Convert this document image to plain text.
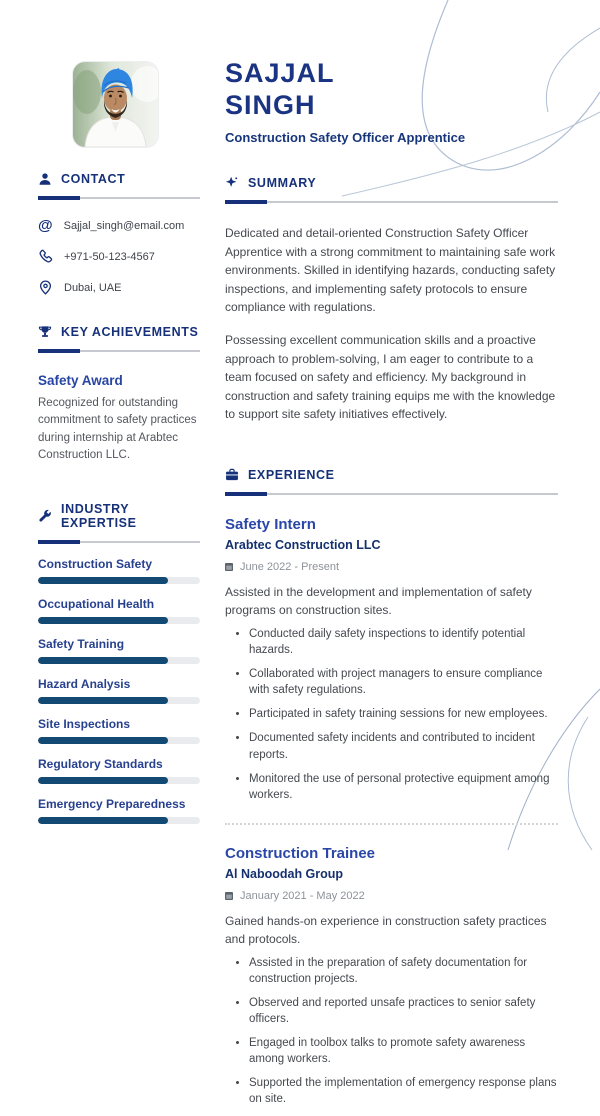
SAJJAL
SINGH
Construction Safety Officer Apprentice
CONTACT
@ Sajjal_singh@email.com
+971-50-123-4567
Dubai, UAE
KEY ACHIEVEMENTS
Safety Award
Recognized for outstanding commitment to safety practices during internship at Arabtec Construction LLC.
INDUSTRY EXPERTISE
Construction Safety
Occupational Health
Safety Training
Hazard Analysis
Site Inspections
Regulatory Standards
Emergency Preparedness
SUMMARY

Dedicated and detail-oriented Construction Safety Officer Apprentice with a strong commitment to maintaining safe work environments. Skilled in identifying hazards, conducting safety inspections, and implementing safety protocols to ensure compliance with regulations.

Possessing excellent communication skills and a proactive approach to problem-solving, I am eager to contribute to a team focused on safety and efficiency. My background in construction and safety training equips me with the knowledge to support site safety initiatives effectively.

EXPERIENCE
Safety Intern
Arabtec Construction LLC
June 2022 - Present
Assisted in the development and implementation of safety programs on construction sites.
• Conducted daily safety inspections to identify potential hazards.
• Collaborated with project managers to ensure compliance with safety regulations.
• Participated in safety training sessions for new employees.
• Documented safety incidents and contributed to incident reports.
• Monitored the use of personal protective equipment among workers.
Construction Trainee
Al Naboodah Group
January 2021 - May 2022
Gained hands-on experience in construction safety practices and protocols.
• Assisted in the preparation of safety documentation for construction projects.
• Observed and reported unsafe practices to senior safety officers.
• Engaged in toolbox talks to promote safety awareness among workers.
• Supported the implementation of emergency response plans on site.
